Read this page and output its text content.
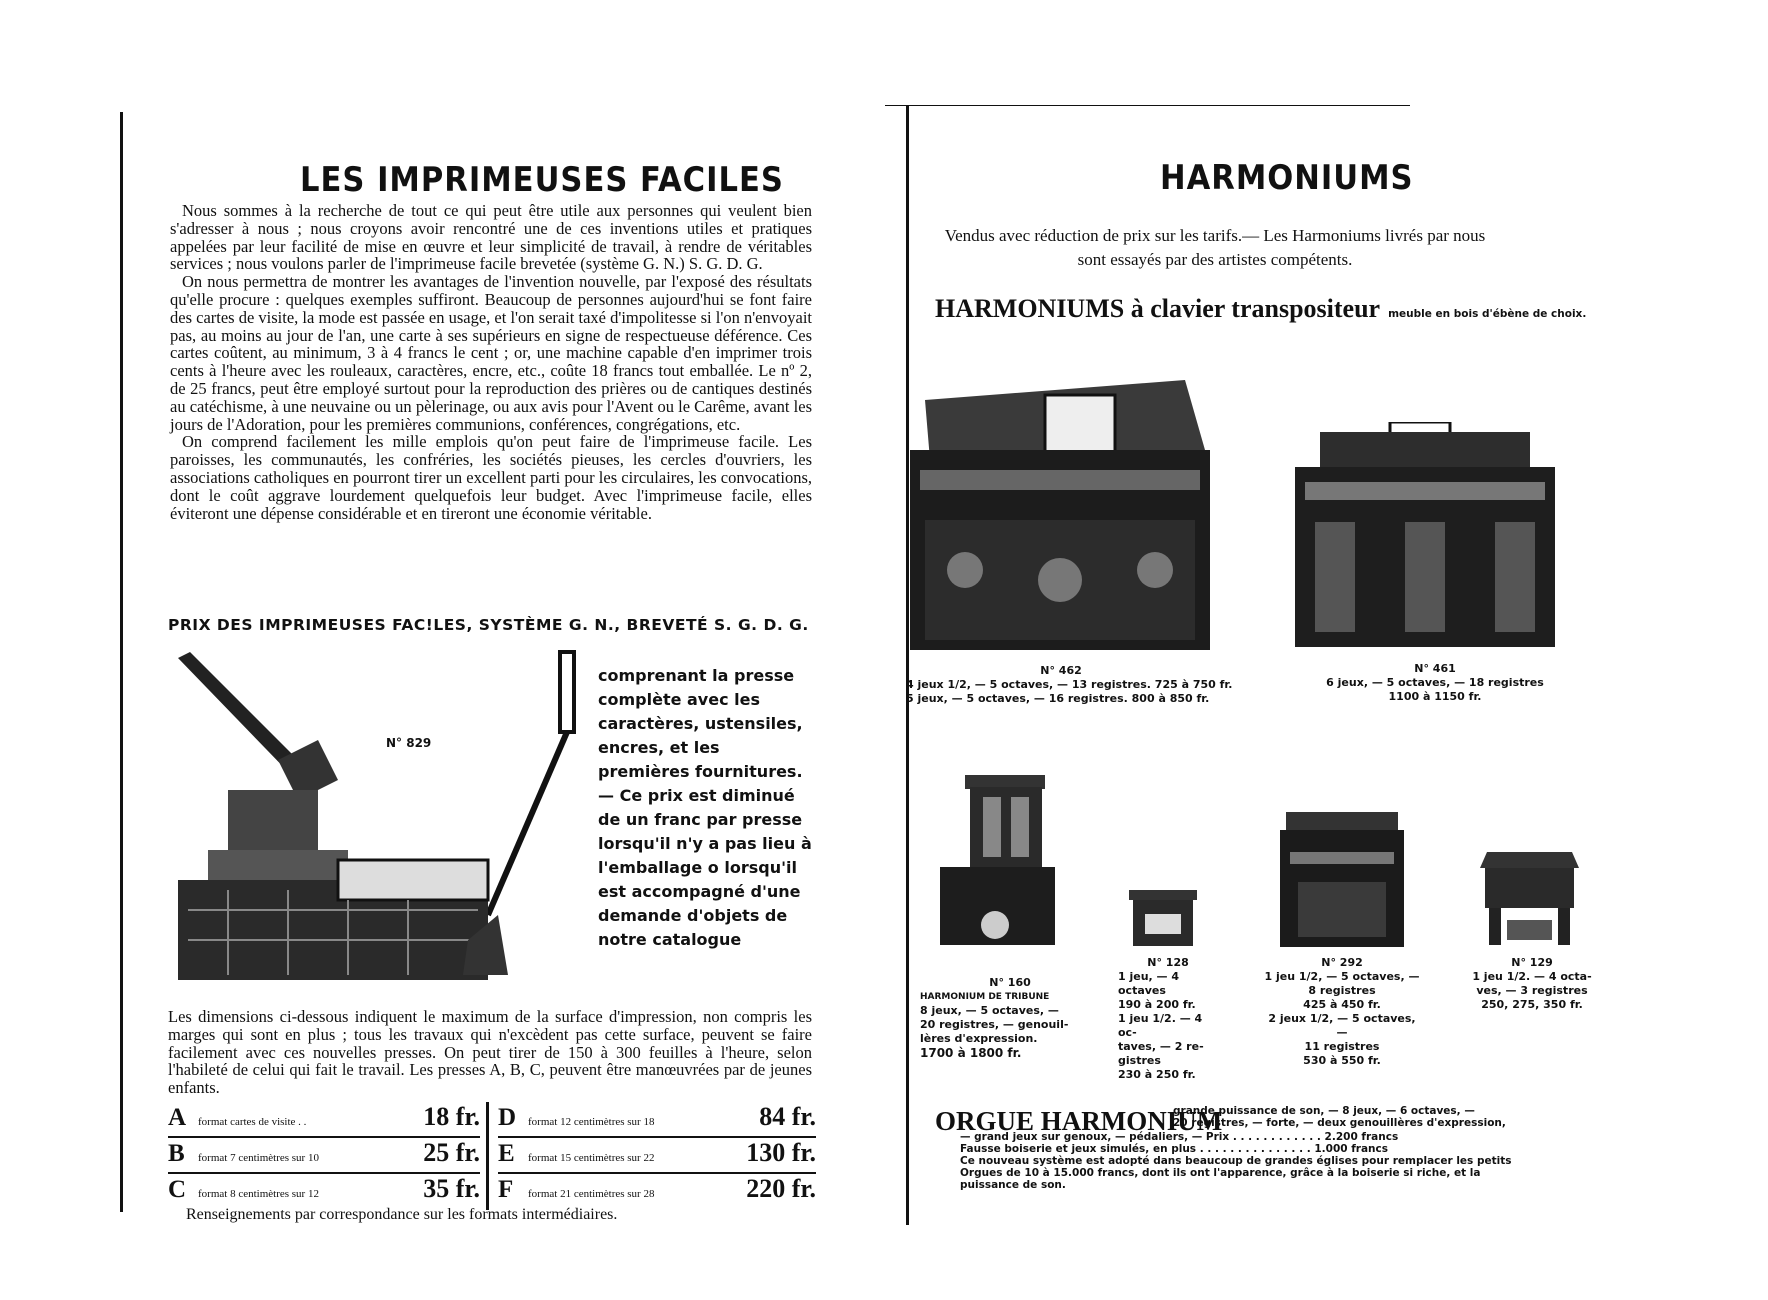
LES IMPRIMEUSES FACILES

Nous sommes à la recherche de tout ce qui peut être utile aux personnes qui veulent bien s'adresser à nous ; nous croyons avoir rencontré une de ces inventions utiles et pratiques appelées par leur facilité de mise en œuvre et leur simplicité de travail, à rendre de véritables services ; nous voulons parler de l'imprimeuse facile brevetée (système G. N.) S. G. D. G.

On nous permettra de montrer les avantages de l'invention nouvelle, par l'exposé des résultats qu'elle procure : quelques exemples suffiront. Beaucoup de personnes aujourd'hui se font faire des cartes de visite, la mode est passée en usage, et l'on serait taxé d'impolitesse si l'on n'envoyait pas, au moins au jour de l'an, une carte à ses supérieurs en signe de respectueuse déférence. Ces cartes coûtent, au minimum, 3 à 4 francs le cent ; or, une machine capable d'en imprimer trois cents à l'heure avec les rouleaux, caractères, encre, etc., coûte 18 francs tout emballée. Le nº 2, de 25 francs, peut être employé surtout pour la reproduction des prières ou de cantiques destinés au catéchisme, à une neuvaine ou un pèlerinage, ou aux avis pour l'Avent ou le Carême, avant les jours de l'Adoration, pour les premières communions, conférences, congrégations, etc.

On comprend facilement les mille emplois qu'on peut faire de l'imprimeuse facile. Les paroisses, les communautés, les confréries, les sociétés pieuses, les cercles d'ouvriers, les associations catholiques en pourront tirer un excellent parti pour les circulaires, les convocations, dont le coût aggrave lourdement quelquefois leur budget. Avec l'imprimeuse facile, elles éviteront une dépense considérable et en tireront une économie véritable.

PRIX DES IMPRIMEUSES FAC!LES, SYSTÈME G. N., BREVETÉ S. G. D. G.
N° 829
comprenant la presse complète avec les caractères, ustensiles, encres, et les premières fournitures. — Ce prix est diminué de un franc par presse lorsqu'il n'y a pas lieu à l'emballage o lorsqu'il est accompagné d'une demande d'objets de notre catalogue
Les dimensions ci-dessous indiquent le maximum de la surface d'impression, non compris les marges qui sont en plus ; tous les travaux qui n'excèdent pas cette surface, peuvent se faire facilement avec ces nouvelles presses. On peut tirer de 150 à 300 feuilles à l'heure, selon l'habileté de celui qui fait le travail. Les presses A, B, C, peuvent être manœuvrées par de jeunes enfants.
A	format cartes de visite . .	18 fr.
B	format 7 centimètres sur 10	25 fr.
C	format 8 centimètres sur 12	35 fr.
D	format 12 centimètres sur 18	84 fr.
E	format 15 centimètres sur 22	130 fr.
F	format 21 centimètres sur 28	220 fr.
Renseignements par correspondance sur les formats intermédiaires.
HARMONIUMS
Vendus avec réduction de prix sur les tarifs.— Les Harmoniums livrés par nous sont essayés par des artistes compétents.
HARMONIUMS à clavier transpositeur meuble en bois d'ébène de choix.
N° 462
4 jeux 1/2, — 5 octaves, — 13 registres. 725 à 750 fr.
5 jeux, — 5 octaves, — 16 registres. 800 à 850 fr.
N° 461
6 jeux, — 5 octaves, — 18 registres
1100 à 1150 fr.
N° 160
HARMONIUM DE TRIBUNE
8 jeux, — 5 octaves, —
20 registres, — genouil-
lères d'expression.
1700 à 1800 fr.
N° 128
1 jeu, — 4 octaves
190 à 200 fr.
1 jeu 1/2. — 4 oc-
taves, — 2 re-
gistres
230 à 250 fr.
N° 292
1 jeu 1/2, — 5 octaves, —
8 registres
425 à 450 fr.
2 jeux 1/2, — 5 octaves, —
11 registres
530 à 550 fr.
N° 129
1 jeu 1/2. — 4 octa-
ves, — 3 registres
250, 275, 350 fr.
ORGUE HARMONIUM
grande puissance de son, — 8 jeux, — 6 octaves, —
20 registres, — forte, — deux genouillères d'expression,
— grand jeux sur genoux, — pédaliers, — Prix . . . . . . . . . . . . 2.200 francs
Fausse boiserie et jeux simulés, en plus . . . . . . . . . . . . . . . 1.000 francs
Ce nouveau système est adopté dans beaucoup de grandes églises pour remplacer les petits
Orgues de 10 à 15.000 francs, dont ils ont l'apparence, grâce à la boiserie si riche, et la
puissance de son.
